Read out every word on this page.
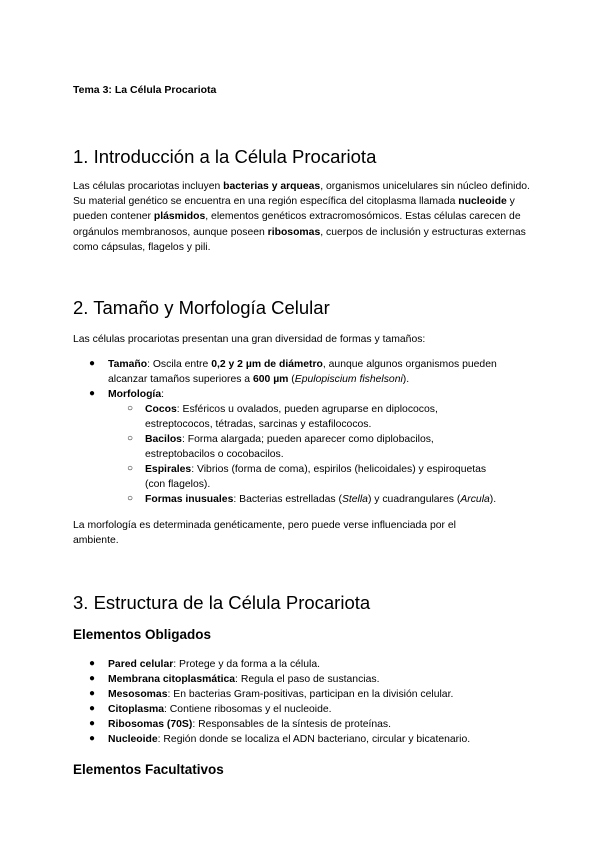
Tema 3: La Célula Procariota
1. Introducción a la Célula Procariota
Las células procariotas incluyen bacterias y arqueas, organismos unicelulares sin núcleo definido. Su material genético se encuentra en una región específica del citoplasma llamada nucleoide y pueden contener plásmidos, elementos genéticos extracromosómicos. Estas células carecen de orgánulos membranosos, aunque poseen ribosomas, cuerpos de inclusión y estructuras externas como cápsulas, flagelos y pili.
2. Tamaño y Morfología Celular
Las células procariotas presentan una gran diversidad de formas y tamaños:
● Tamaño: Oscila entre 0,2 y 2 µm de diámetro, aunque algunos organismos pueden
alcanzar tamaños superiores a 600 µm (Epulopiscium fishelsoni).
● Morfología:
○ Cocos: Esféricos u ovalados, pueden agruparse en diplococos,
estreptococos, tétradas, sarcinas y estafilococos.
○ Bacilos: Forma alargada; pueden aparecer como diplobacilos,
estreptobacilos o cocobacilos.
○ Espirales: Vibrios (forma de coma), espirilos (helicoidales) y espiroquetas
(con flagelos).
○ Formas inusuales: Bacterias estrelladas (Stella) y cuadrangulares (Arcula).
La morfología es determinada genéticamente, pero puede verse influenciada por el
ambiente.
3. Estructura de la Célula Procariota
Elementos Obligados
● Pared celular: Protege y da forma a la célula.
● Membrana citoplasmática: Regula el paso de sustancias.
● Mesosomas: En bacterias Gram-positivas, participan en la división celular.
● Citoplasma: Contiene ribosomas y el nucleoide.
● Ribosomas (70S): Responsables de la síntesis de proteínas.
● Nucleoide: Región donde se localiza el ADN bacteriano, circular y bicatenario.
Elementos Facultativos
